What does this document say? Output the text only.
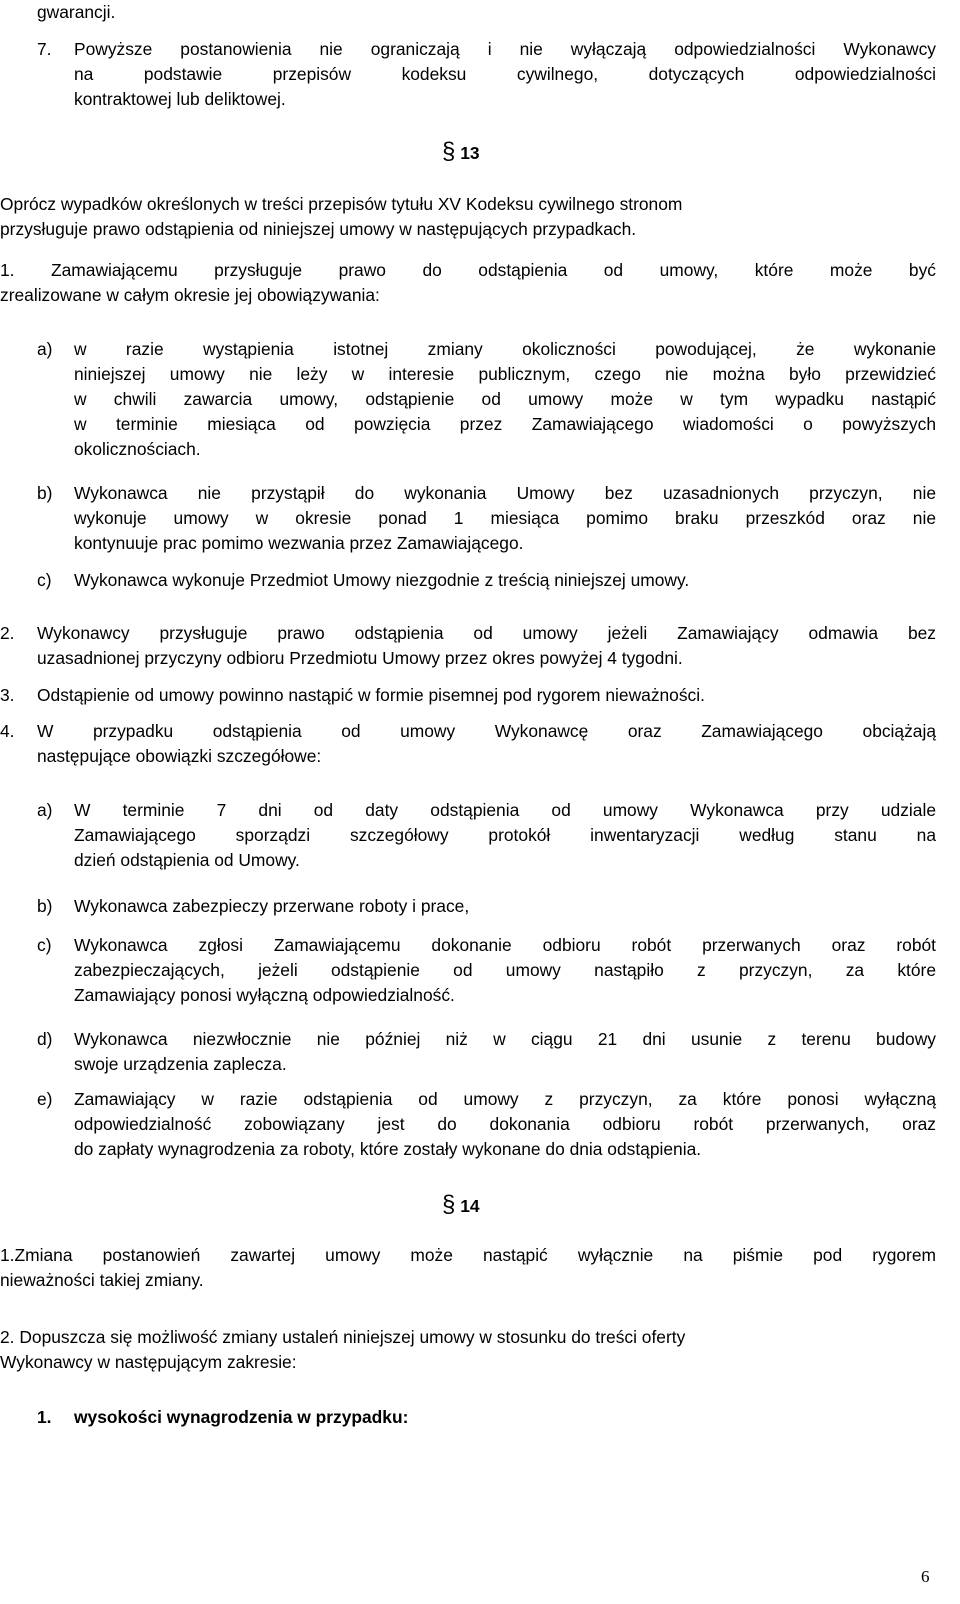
gwarancji.
7. Powyższe postanowienia nie ograniczają i nie wyłączają odpowiedzialności Wykonawcy
na podstawie przepisów kodeksu cywilnego, dotyczących odpowiedzialności
kontraktowej lub deliktowej.
§ 13
Oprócz wypadków określonych w treści przepisów tytułu XV Kodeksu cywilnego stronom
przysługuje prawo odstąpienia od niniejszej umowy w następujących przypadkach.
1. Zamawiającemu przysługuje prawo do odstąpienia od umowy, które może być
zrealizowane w całym okresie jej obowiązywania:
a) w razie wystąpienia istotnej zmiany okoliczności powodującej, że wykonanie
niniejszej umowy nie leży w interesie publicznym, czego nie można było przewidzieć
w chwili zawarcia umowy, odstąpienie od umowy może w tym wypadku nastąpić
w terminie miesiąca od powzięcia przez Zamawiającego wiadomości o powyższych
okolicznościach.
b) Wykonawca nie przystąpił do wykonania Umowy bez uzasadnionych przyczyn, nie
wykonuje umowy w okresie ponad 1 miesiąca pomimo braku przeszkód oraz nie
kontynuuje prac pomimo wezwania przez Zamawiającego.
c) Wykonawca wykonuje Przedmiot Umowy niezgodnie z treścią niniejszej umowy.
2. Wykonawcy przysługuje prawo odstąpienia od umowy jeżeli Zamawiający odmawia bez
uzasadnionej przyczyny odbioru Przedmiotu Umowy przez okres powyżej 4 tygodni.
3. Odstąpienie od umowy powinno nastąpić w formie pisemnej pod rygorem nieważności.
4. W przypadku odstąpienia od umowy Wykonawcę oraz Zamawiającego obciążają
następujące obowiązki szczegółowe:
a) W terminie 7 dni od daty odstąpienia od umowy Wykonawca przy udziale
Zamawiającego sporządzi szczegółowy protokół inwentaryzacji według stanu na
dzień odstąpienia od Umowy.
b) Wykonawca zabezpieczy przerwane roboty i prace,
c) Wykonawca zgłosi Zamawiającemu dokonanie odbioru robót przerwanych oraz robót
zabezpieczających, jeżeli odstąpienie od umowy nastąpiło z przyczyn, za które
Zamawiający ponosi wyłączną odpowiedzialność.
d) Wykonawca niezwłocznie nie później niż w ciągu 21 dni usunie z terenu budowy
swoje urządzenia zaplecza.
e) Zamawiający w razie odstąpienia od umowy z przyczyn, za które ponosi wyłączną
odpowiedzialność zobowiązany jest do dokonania odbioru robót przerwanych, oraz
do zapłaty wynagrodzenia za roboty, które zostały wykonane do dnia odstąpienia.
§ 14
1.Zmiana postanowień zawartej umowy może nastąpić wyłącznie na piśmie pod rygorem
nieważności takiej zmiany.
2. Dopuszcza się możliwość zmiany ustaleń niniejszej umowy w stosunku do treści oferty
Wykonawcy w następującym zakresie:
1. wysokości wynagrodzenia w przypadku:
6
